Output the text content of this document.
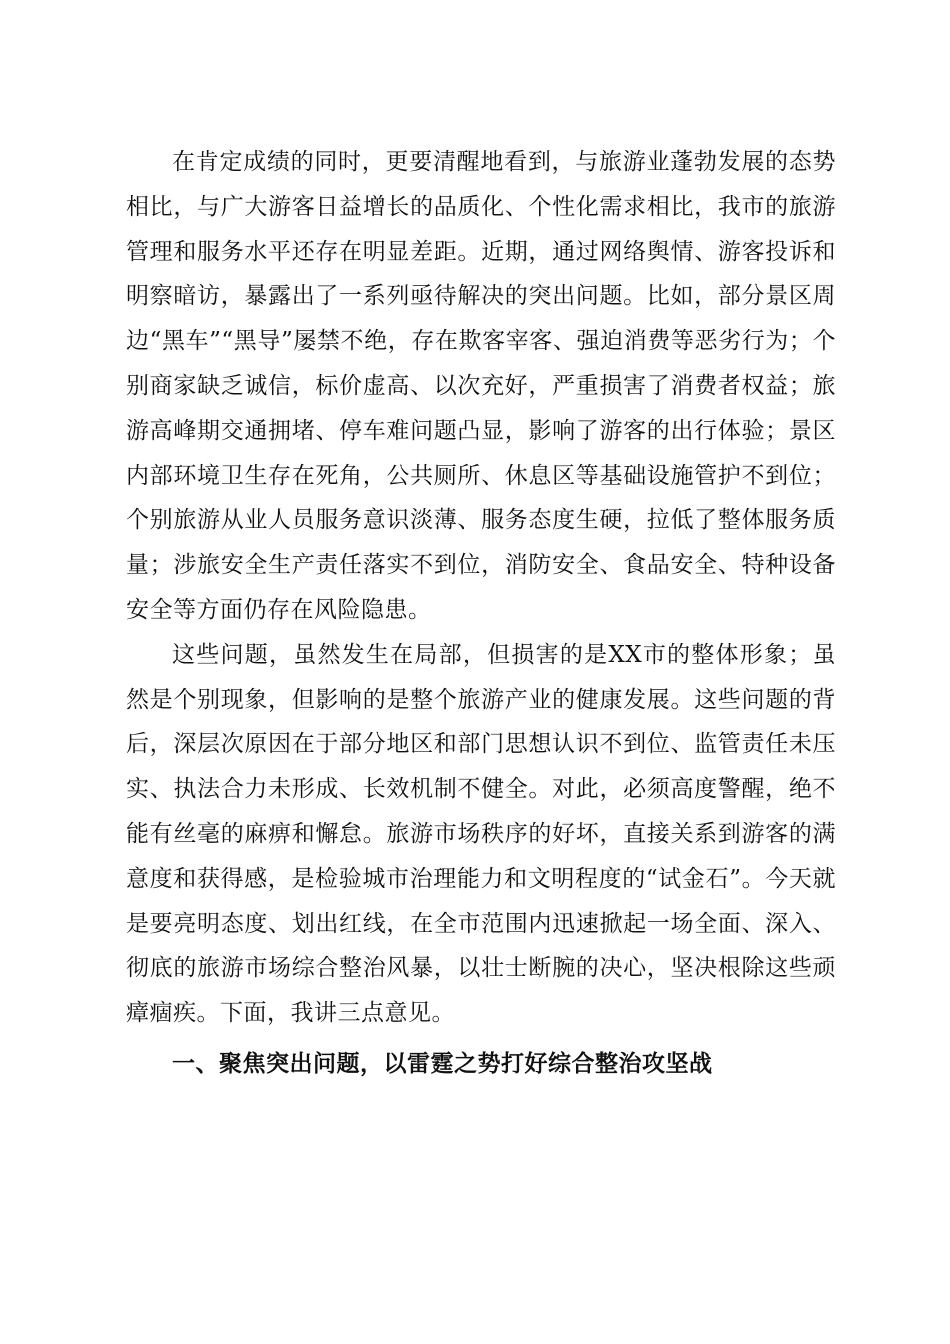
在肯定成绩的同时，更要清醒地看到，与旅游业蓬勃发展的态势相比，与广大游客日益增长的品质化、个性化需求相比，我市的旅游管理和服务水平还存在明显差距。近期，通过网络舆情、游客投诉和明察暗访，暴露出了一系列亟待解决的突出问题。比如，部分景区周边“黑车”“黑导”屡禁不绝，存在欺客宰客、强迫消费等恶劣行为；个别商家缺乏诚信，标价虚高、以次充好，严重损害了消费者权益；旅游高峰期交通拥堵、停车难问题凸显，影响了游客的出行体验；景区内部环境卫生存在死角，公共厕所、休息区等基础设施管护不到位；个别旅游从业人员服务意识淡薄、服务态度生硬，拉低了整体服务质量；涉旅安全生产责任落实不到位，消防安全、食品安全、特种设备安全等方面仍存在风险隐患。

这些问题，虽然发生在局部，但损害的是XX市的整体形象；虽然是个别现象，但影响的是整个旅游产业的健康发展。这些问题的背后，深层次原因在于部分地区和部门思想认识不到位、监管责任未压实、执法合力未形成、长效机制不健全。对此，必须高度警醒，绝不能有丝毫的麻痹和懈怠。旅游市场秩序的好坏，直接关系到游客的满意度和获得感，是检验城市治理能力和文明程度的“试金石”。今天就是要亮明态度、划出红线，在全市范围内迅速掀起一场全面、深入、彻底的旅游市场综合整治风暴，以壮士断腕的决心，坚决根除这些顽瘴痼疾。下面，我讲三点意见。

一、聚焦突出问题，以雷霆之势打好综合整治攻坚战
